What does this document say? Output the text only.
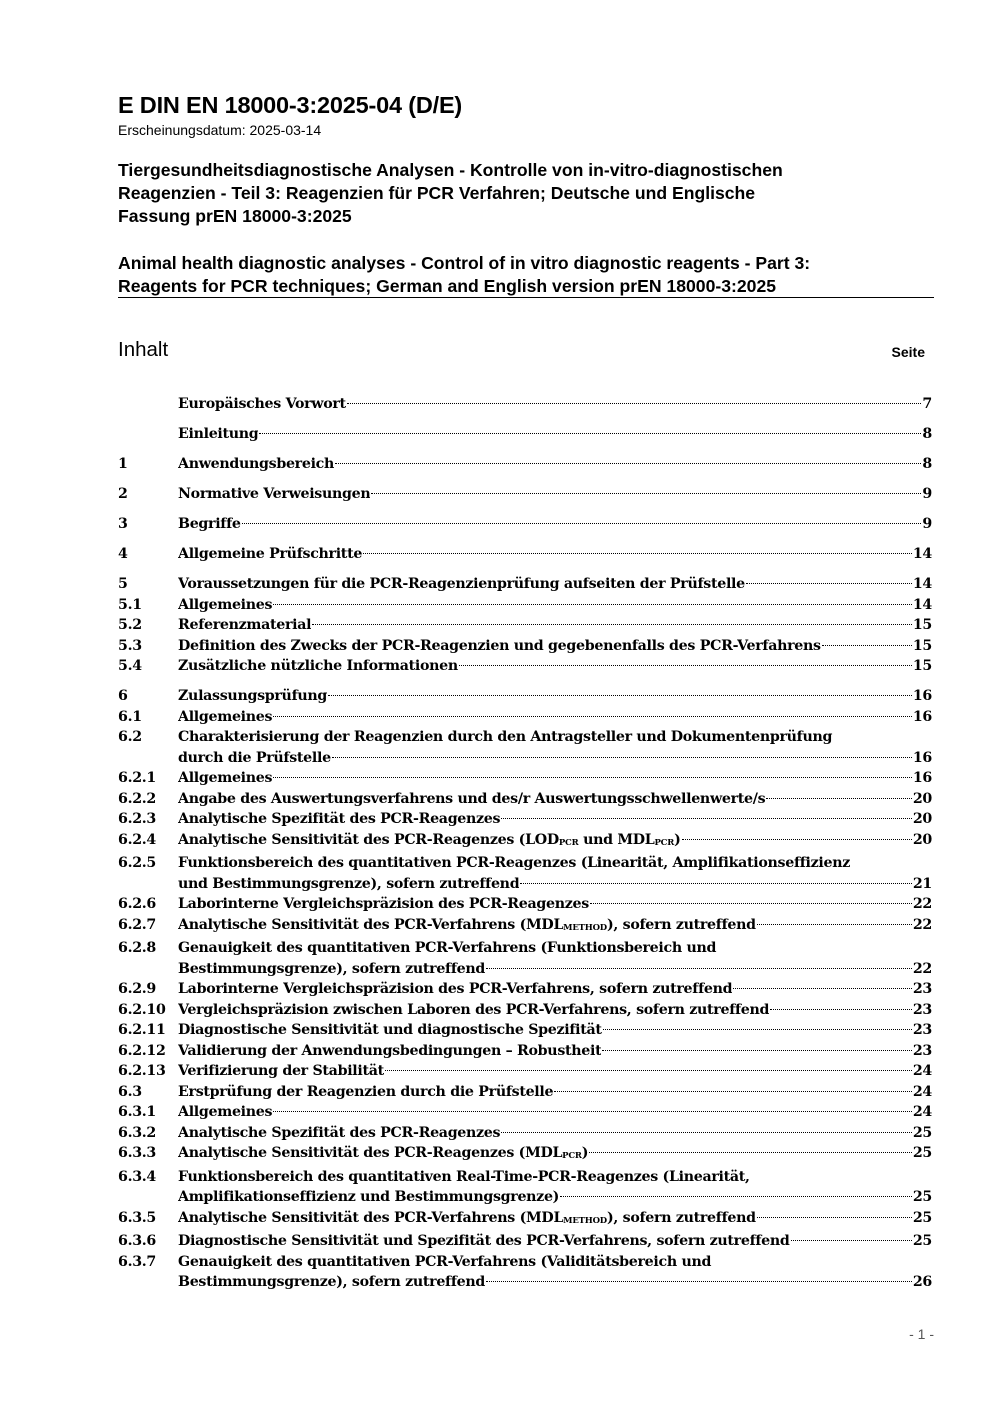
E DIN EN 18000-3:2025-04 (D/E)
Erscheinungsdatum: 2025-03-14
Tiergesundheitsdiagnostische Analysen - Kontrolle von in-vitro-diagnostischen
Reagenzien - Teil 3: Reagenzien für PCR Verfahren; Deutsche und Englische
Fassung prEN 18000-3:2025
Animal health diagnostic analyses - Control of in vitro diagnostic reagents - Part 3:
Reagents for PCR techniques; German and English version prEN 18000-3:2025
Inhalt	Seite
Europäisches Vorwort	7
Einleitung	8
1	Anwendungsbereich	8
2	Normative Verweisungen	9
3	Begriffe	9
4	Allgemeine Prüfschritte	14
5	Voraussetzungen für die PCR-Reagenzienprüfung aufseiten der Prüfstelle	14
5.1	Allgemeines	14
5.2	Referenzmaterial	15
5.3	Definition des Zwecks der PCR-Reagenzien und gegebenenfalls des PCR-Verfahrens	15
5.4	Zusätzliche nützliche Informationen	15
6	Zulassungsprüfung	16
6.1	Allgemeines	16
6.2	Charakterisierung der Reagenzien durch den Antragsteller und Dokumentenprüfung
durch die Prüfstelle	16
6.2.1	Allgemeines	16
6.2.2	Angabe des Auswertungsverfahrens und des/r Auswertungsschwellenwerte/s	20
6.2.3	Analytische Spezifität des PCR-Reagenzes	20
6.2.4	Analytische Sensitivität des PCR-Reagenzes ($LOD_{PCR}$ und $MDL_{PCR}$)	20
6.2.5	Funktionsbereich des quantitativen PCR-Reagenzes (Linearität, Amplifikationseffizienz
und Bestimmungsgrenze), sofern zutreffend	21
6.2.6	Laborinterne Vergleichspräzision des PCR-Reagenzes	22
6.2.7	Analytische Sensitivität des PCR-Verfahrens $(MDL_{METHOD})$, sofern zutreffend	22
6.2.8	Genauigkeit des quantitativen PCR-Verfahrens (Funktionsbereich und
Bestimmungsgrenze), sofern zutreffend	22
6.2.9	Laborinterne Vergleichspräzision des PCR-Verfahrens, sofern zutreffend	23
6.2.10 Vergleichspräzision zwischen Laboren des PCR-Verfahrens, sofern zutreffend	23
6.2.11 Diagnostische Sensitivität und diagnostische Spezifität	23
6.2.12 Validierung der Anwendungsbedingungen – Robustheit	23
6.2.13 Verifizierung der Stabilität	24
6.3	Erstprüfung der Reagenzien durch die Prüfstelle	24
6.3.1	Allgemeines	24
6.3.2	Analytische Spezifität des PCR-Reagenzes	25
6.3.3	Analytische Sensitivität des PCR-Reagenzes $(MDL_{PCR})$	25
6.3.4	Funktionsbereich des quantitativen Real-Time-PCR-Reagenzes (Linearität,
Amplifikationseffizienz und Bestimmungsgrenze)	25
6.3.5	Analytische Sensitivität des PCR-Verfahrens $(MDL_{METHOD})$, sofern zutreffend	25
6.3.6	Diagnostische Sensitivität und Spezifität des PCR-Verfahrens, sofern zutreffend	25
6.3.7	Genauigkeit des quantitativen PCR-Verfahrens (Validitätsbereich und
Bestimmungsgrenze), sofern zutreffend	26
- 1 -
